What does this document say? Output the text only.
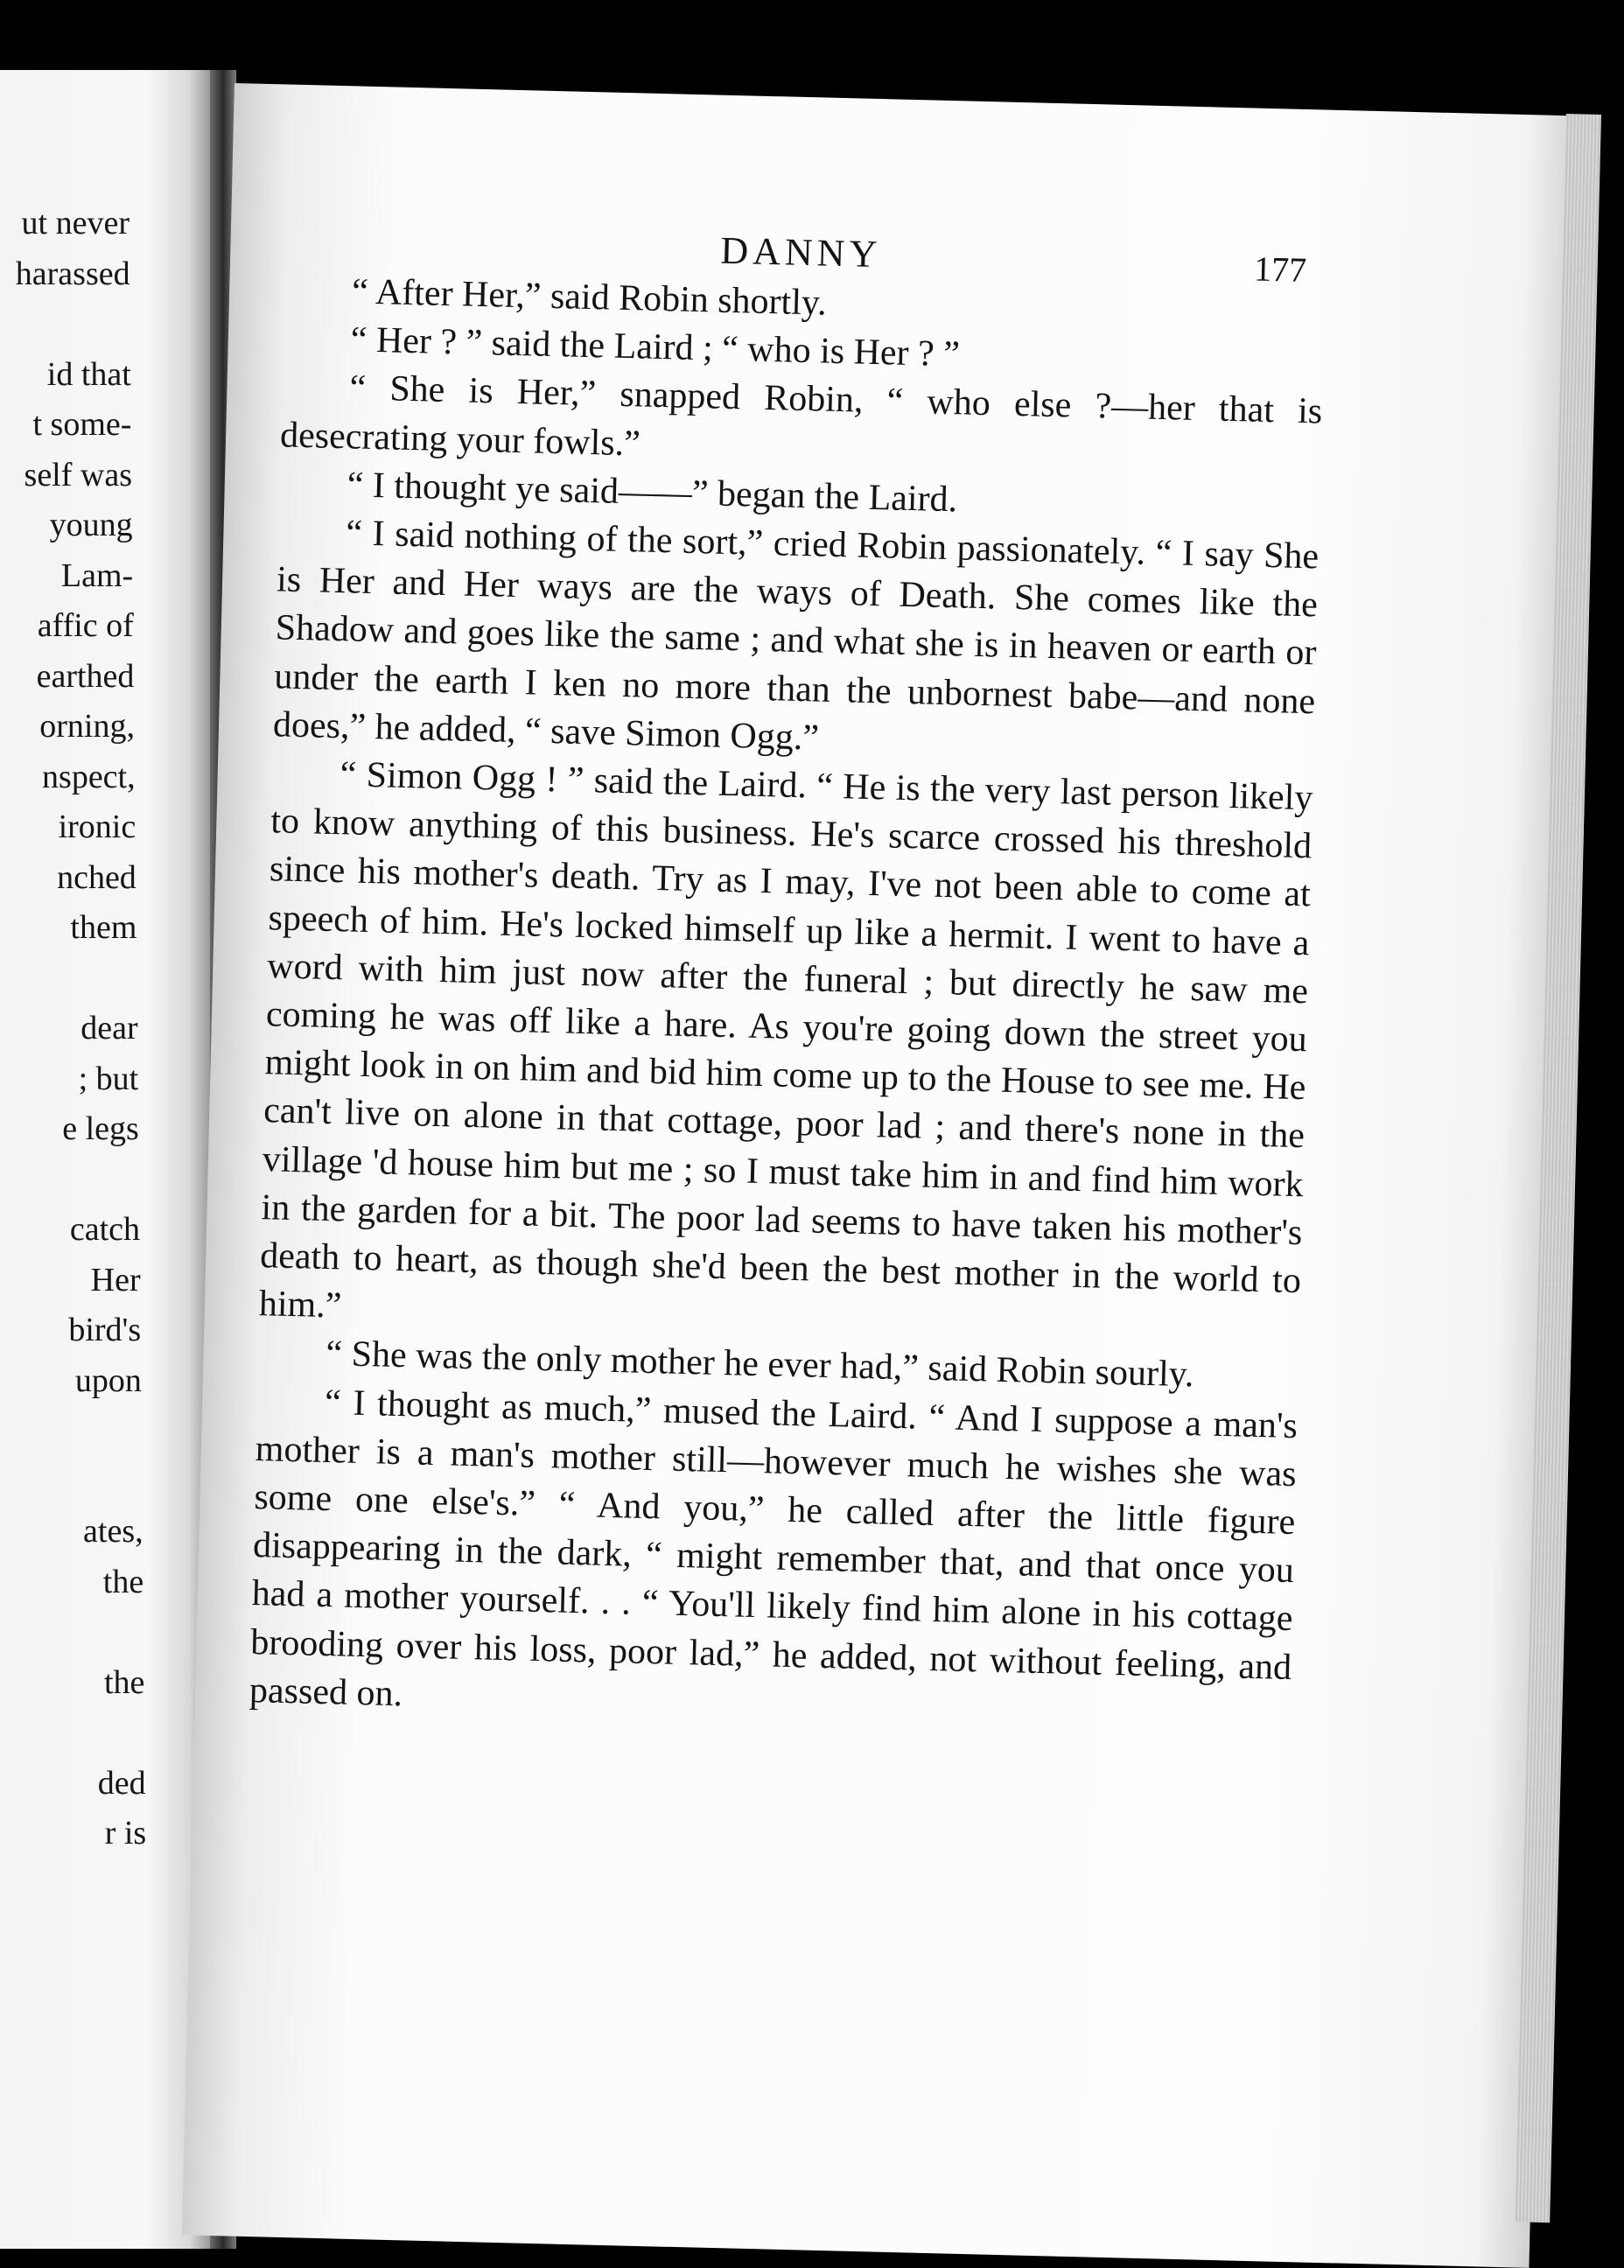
ut never
harassed
id that
t some-
self was
young
Lam-
affic of
earthed
orning,
nspect,
ironic
nched
them
dear
; but
e legs
catch
Her
bird's
upon
ates,
the
the
ded
r is
DANNY	177

“ After Her,” said Robin shortly.

“ Her ? ” said the Laird ; “ who is Her ? ”

“ She is Her,” snapped Robin, “ who else ?—her that is desecrating your fowls.”

“ I thought ye said——” began the Laird.

“ I said nothing of the sort,” cried Robin passionately. “ I say She is Her and Her ways are the ways of Death. She comes like the Shadow and goes like the same ; and what she is in heaven or earth or under the earth I ken no more than the unbornest babe—and none does,” he added, “ save Simon Ogg.”

“ Simon Ogg ! ” said the Laird. “ He is the very last person likely to know anything of this business. He's scarce crossed his threshold since his mother's death. Try as I may, I've not been able to come at speech of him. He's locked himself up like a hermit. I went to have a word with him just now after the funeral ; but directly he saw me coming he was off like a hare. As you're going down the street you might look in on him and bid him come up to the House to see me. He can't live on alone in that cottage, poor lad ; and there's none in the village 'd house him but me ; so I must take him in and find him work in the garden for a bit. The poor lad seems to have taken his mother's death to heart, as though she'd been the best mother in the world to him.”

“ She was the only mother he ever had,” said Robin sourly.

“ I thought as much,” mused the Laird. “ And I suppose a man's mother is a man's mother still—however much he wishes she was some one else's.” “ And you,” he called after the little figure disappearing in the dark, “ might remember that, and that once you had a mother yourself. . . “ You'll likely find him alone in his cottage brooding over his loss, poor lad,” he added, not without feeling, and passed on.
